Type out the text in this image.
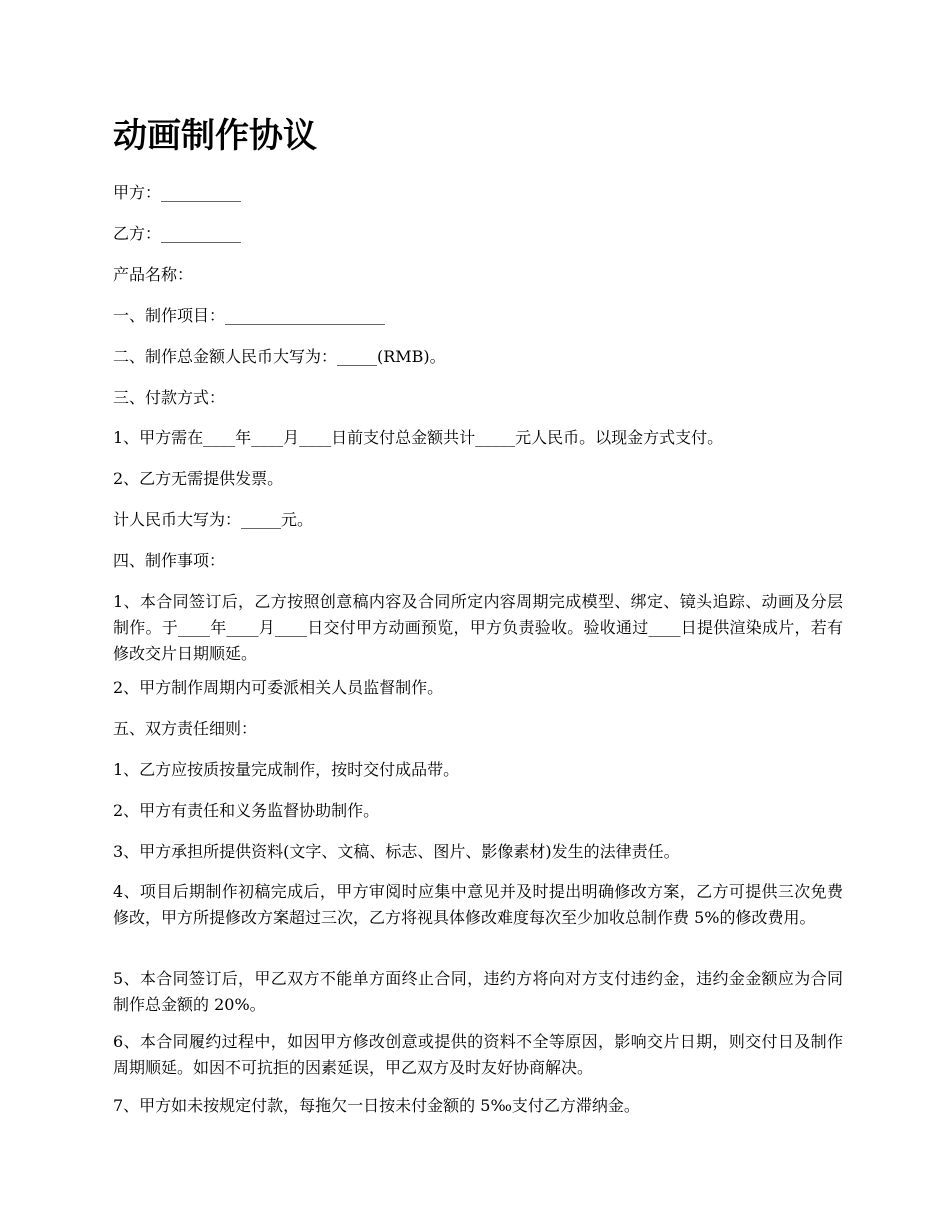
动画制作协议

甲方：__________

乙方：__________

产品名称：

一、制作项目：____________________

二、制作总金额人民币大写为：_____(RMB)。

三、付款方式：

1、甲方需在____年____月____日前支付总金额共计_____元人民币。以现金方式支付。

2、乙方无需提供发票。

计人民币大写为：_____元。

四、制作事项：

1、本合同签订后，乙方按照创意稿内容及合同所定内容周期完成模型、绑定、镜头追踪、动画及分层制作。于____年____月____日交付甲方动画预览，甲方负责验收。验收通过____日提供渲染成片，若有修改交片日期顺延。

2、甲方制作周期内可委派相关人员监督制作。

五、双方责任细则：

1、乙方应按质按量完成制作，按时交付成品带。

2、甲方有责任和义务监督协助制作。

3、甲方承担所提供资料(文字、文稿、标志、图片、影像素材)发生的法律责任。

4、项目后期制作初稿完成后，甲方审阅时应集中意见并及时提出明确修改方案，乙方可提供三次免费修改，甲方所提修改方案超过三次，乙方将视具体修改难度每次至少加收总制作费 5%的修改费用。

5、本合同签订后，甲乙双方不能单方面终止合同，违约方将向对方支付违约金，违约金金额应为合同制作总金额的 20%。

6、本合同履约过程中，如因甲方修改创意或提供的资料不全等原因，影响交片日期，则交付日及制作周期顺延。如因不可抗拒的因素延误，甲乙双方及时友好协商解决。

7、甲方如未按规定付款，每拖欠一日按未付金额的 5‰支付乙方滞纳金。
